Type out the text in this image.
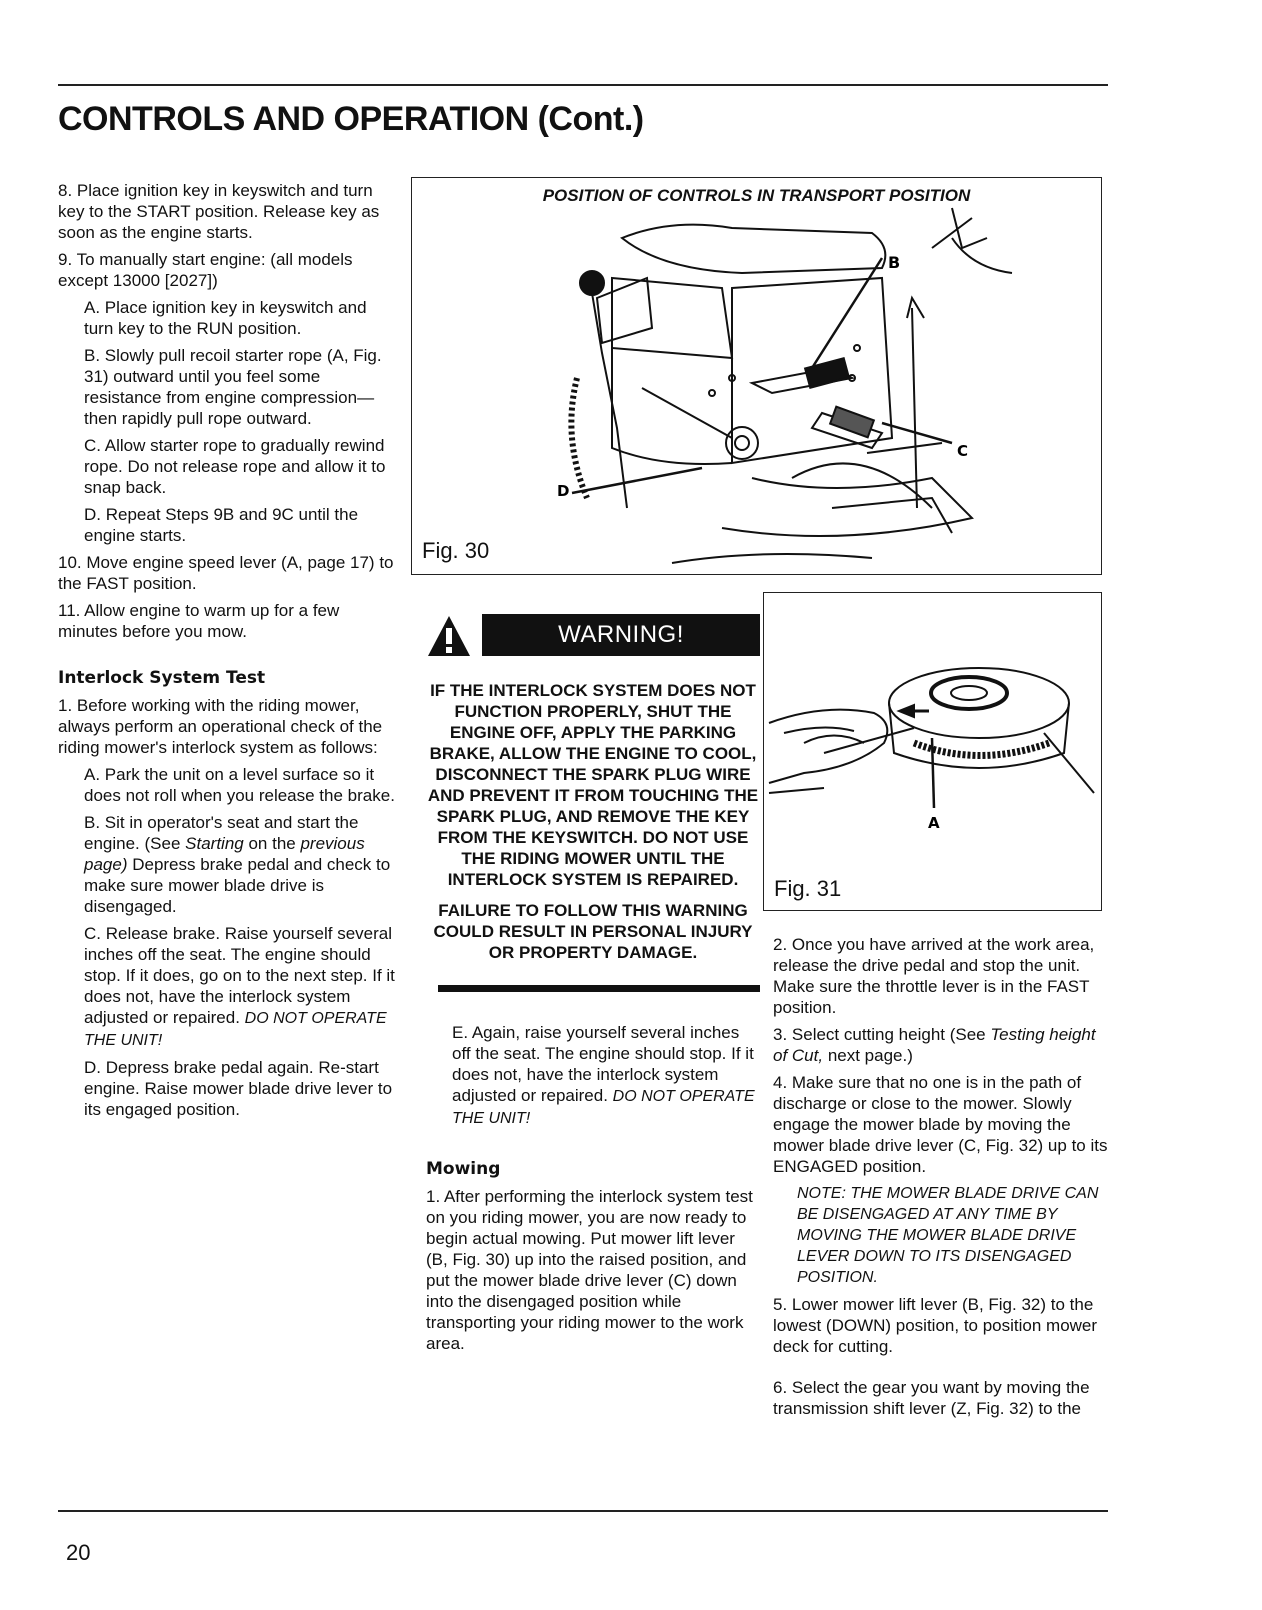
CONTROLS AND OPERATION (Cont.)

8. Place ignition key in keyswitch and turn key to the START position. Release key as soon as the engine starts.

9. To manually start engine: (all models except 13000 [2027])

A. Place ignition key in keyswitch and turn key to the RUN position.

B. Slowly pull recoil starter rope (A, Fig. 31) outward until you feel some resistance from engine compression— then rapidly pull rope outward.

C. Allow starter rope to gradually rewind rope. Do not release rope and allow it to snap back.

D. Repeat Steps 9B and 9C until the engine starts.

10. Move engine speed lever (A, page 17) to the FAST position.

11. Allow engine to warm up for a few minutes before you mow.

Interlock System Test

1. Before working with the riding mower, always perform an operational check of the riding mower's interlock system as follows:

A. Park the unit on a level surface so it does not roll when you release the brake.

B. Sit in operator's seat and start the engine. (See Starting on the previous page) Depress brake pedal and check to make sure mower blade drive is disengaged.

C. Release brake. Raise yourself several inches off the seat. The engine should stop. If it does, go on to the next step. If it does not, have the interlock system adjusted or repaired. DO NOT OPERATE THE UNIT!

D. Depress brake pedal again. Re-start engine. Raise mower blade drive lever to its engaged position.

POSITION OF CONTROLS IN TRANSPORT POSITION
B
C
D
Fig. 30
WARNING!

IF THE INTERLOCK SYSTEM DOES NOT FUNCTION PROPERLY, SHUT THE ENGINE OFF, APPLY THE PARKING BRAKE, ALLOW THE ENGINE TO COOL, DISCONNECT THE SPARK PLUG WIRE AND PREVENT IT FROM TOUCHING THE SPARK PLUG, AND REMOVE THE KEY FROM THE KEYSWITCH. DO NOT USE THE RIDING MOWER UNTIL THE INTERLOCK SYSTEM IS REPAIRED.

FAILURE TO FOLLOW THIS WARNING COULD RESULT IN PERSONAL INJURY OR PROPERTY DAMAGE.

E. Again, raise yourself several inches off the seat. The engine should stop. If it does not, have the interlock system adjusted or repaired. DO NOT OPERATE THE UNIT!

Mowing

1. After performing the interlock system test on you riding mower, you are now ready to begin actual mowing. Put mower lift lever (B, Fig. 30) up into the raised position, and put the mower blade drive lever (C) down into the disengaged position while transporting your riding mower to the work area.

A
Fig. 31

2. Once you have arrived at the work area, release the drive pedal and stop the unit. Make sure the throttle lever is in the FAST position.

3. Select cutting height (See Testing height of Cut, next page.)

4. Make sure that no one is in the path of discharge or close to the mower. Slowly engage the mower blade by moving the mower blade drive lever (C, Fig. 32) up to its ENGAGED position.

NOTE: THE MOWER BLADE DRIVE CAN BE DISENGAGED AT ANY TIME BY MOVING THE MOWER BLADE DRIVE LEVER DOWN TO ITS DISENGAGED POSITION.

5. Lower mower lift lever (B, Fig. 32) to the lowest (DOWN) position, to position mower deck for cutting.

6. Select the gear you want by moving the transmission shift lever (Z, Fig. 32) to the

20
